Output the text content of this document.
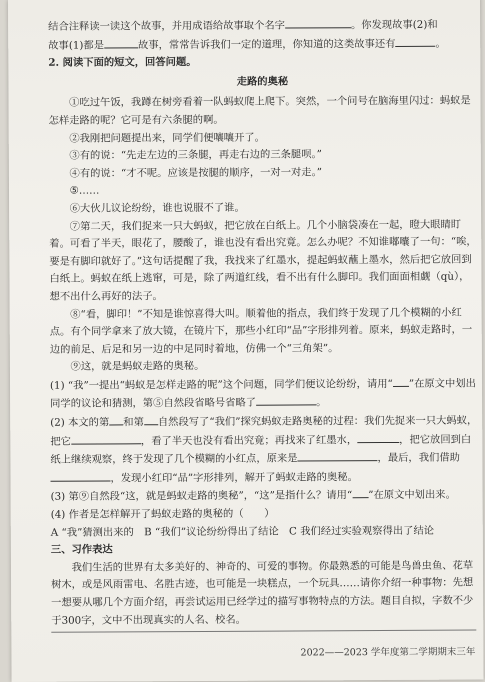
结合注释读一读这个故事，并用成语给故事取个名字	。你发现故事(2)和

故事(1)都是	故事，常常告诉我们一定的道理，你知道的这类故事还有	。

2. 阅读下面的短文，回答问题。

走路的奥秘

①吃过午饭，我蹲在树旁看着一队蚂蚁爬上爬下。突然，一个问号在脑海里闪过：蚂蚁是怎样走路的呢？它可是有六条腿的啊。

②我刚把问题提出来，同学们便嚷嚷开了。

③有的说：“先走左边的三条腿，再走右边的三条腿呗。”

④有的说：“才不呢。应该是按腿的顺序，一对一对走。”

⑤……

⑥大伙儿议论纷纷，谁也说服不了谁。

⑦第二天，我们捉来一只大蚂蚁，把它放在白纸上。几个小脑袋凑在一起，瞪大眼睛盯着。可看了半天，眼花了，腰酸了，谁也没有看出究竟。怎么办呢？不知谁嘟囔了一句：“唉，要是有脚印就好了。”这句话提醒了我，我找来了红墨水，提起蚂蚁蘸上墨水，然后把它放回到白纸上。蚂蚁在纸上逃窜，可是，除了两道红线，看不出有什么脚印。我们面面相觑（qù），想不出什么再好的法子。

⑧“看，脚印！”不知是谁惊喜得大叫。顺着他的指点，我们终于发现了几个模糊的小红点。有个同学拿来了放大镜，在镜片下，那些小红印“品”字形排列着。原来，蚂蚁走路时，一边的前足、后足和另一边的中足同时着地，仿佛一个“三角架”。

⑨这，就是蚂蚁走路的奥秘。

(1) “我”一提出“蚂蚁是怎样走路的呢”这个问题，同学们便议论纷纷，请用“ ”在原文中划出同学的议论和猜测，第⑤自然段省略号省略了	。

(2) 本文的第 和第 自然段写了“我们”探究蚂蚁走路奥秘的过程：我们先捉来一只大蚂蚁，把它	，看了半天也没有看出究竟；再找来了红墨水，	，把它放回到白纸上继续观察，终于发现了几个模糊的小红点，原来是	，最后，我们借助，发现小红印“品”字形排列，解开了蚂蚁走路的奥秘。

(3) 第⑨自然段“这，就是蚂蚁走路的奥秘”，“这”是指什么？请用“ ”在原文中划出来。

(4) 作者是怎样解开了蚂蚁走路的奥秘的（　　）

A “我”猜测出来的　B “我们”议论纷纷得出了结论　C 我们经过实验观察得出了结论

三、习作表达

我们生活的世界有太多美好的、神奇的、可爱的事物。你最熟悉的可能是鸟兽虫鱼、花草树木，或是风雨雷电、名胜古迹，也可能是一块糕点，一个玩具……请你介绍一种事物：先想一想要从哪几个方面介绍，再尝试运用已经学过的描写事物特点的方法。题目自拟，字数不少于300字，文中不出现真实的人名、校名。

2022——2023 学年度第二学期期末三年
